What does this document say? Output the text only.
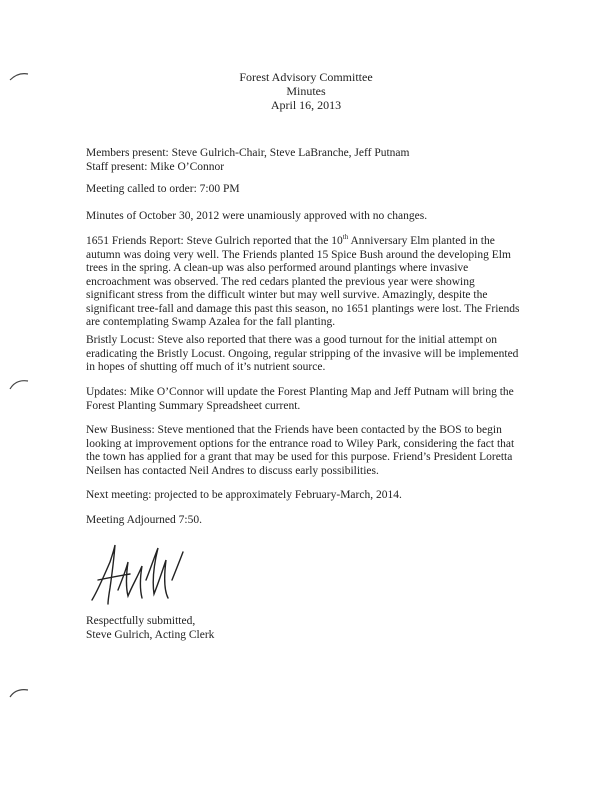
Forest Advisory Committee
Minutes
April 16, 2013

Members present: Steve Gulrich-Chair, Steve LaBranche, Jeff Putnam

Staff present: Mike O’Connor

Meeting called to order: 7:00 PM

Minutes of October 30, 2012 were unamiously approved with no changes.

1651 Friends Report: Steve Gulrich reported that the 10th Anniversary Elm planted in the autumn was doing very well. The Friends planted 15 Spice Bush around the developing Elm trees in the spring. A clean-up was also performed around plantings where invasive encroachment was observed. The red cedars planted the previous year were showing significant stress from the difficult winter but may well survive. Amazingly, despite the significant tree-fall and damage this past this season, no 1651 plantings were lost. The Friends are contemplating Swamp Azalea for the fall planting.

Bristly Locust: Steve also reported that there was a good turnout for the initial attempt on eradicating the Bristly Locust. Ongoing, regular stripping of the invasive will be implemented in hopes of shutting off much of it’s nutrient source.

Updates: Mike O’Connor will update the Forest Planting Map and Jeff Putnam will bring the Forest Planting Summary Spreadsheet current.

New Business: Steve mentioned that the Friends have been contacted by the BOS to begin looking at improvement options for the entrance road to Wiley Park, considering the fact that the town has applied for a grant that may be used for this purpose. Friend’s President Loretta Neilsen has contacted Neil Andres to discuss early possibilities.

Next meeting: projected to be approximately February-March, 2014.

Meeting Adjourned 7:50.

Respectfully submitted,

Steve Gulrich, Acting Clerk
